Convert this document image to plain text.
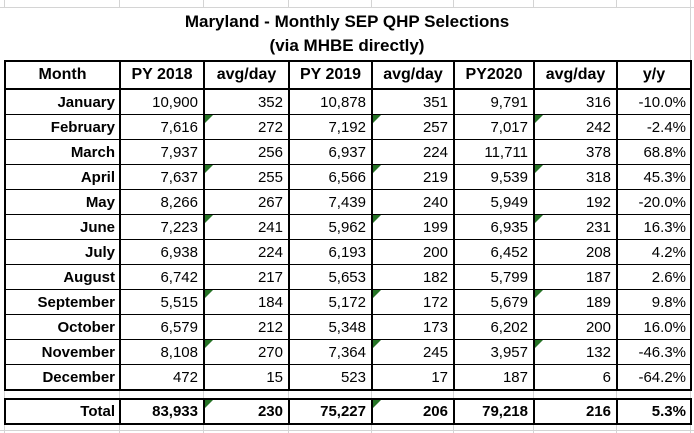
Maryland - Monthly SEP QHP Selections
(via MHBE directly)
Month	PY 2018	avg/day	PY 2019	avg/day	PY2020	avg/day	y/y
January	10,900	352	10,878	351	9,791	316	-10.0%
February	7,616	272	7,192	257	7,017	242	-2.4%
March	7,937	256	6,937	224	11,711	378	68.8%
April	7,637	255	6,566	219	9,539	318	45.3%
May	8,266	267	7,439	240	5,949	192	-20.0%
June	7,223	241	5,962	199	6,935	231	16.3%
July	6,938	224	6,193	200	6,452	208	4.2%
August	6,742	217	5,653	182	5,799	187	2.6%
September	5,515	184	5,172	172	5,679	189	9.8%
October	6,579	212	5,348	173	6,202	200	16.0%
November	8,108	270	7,364	245	3,957	132	-46.3%
December	472	15	523	17	187	6	-64.2%
Total	83,933	230	75,227	206	79,218	216	5.3%
